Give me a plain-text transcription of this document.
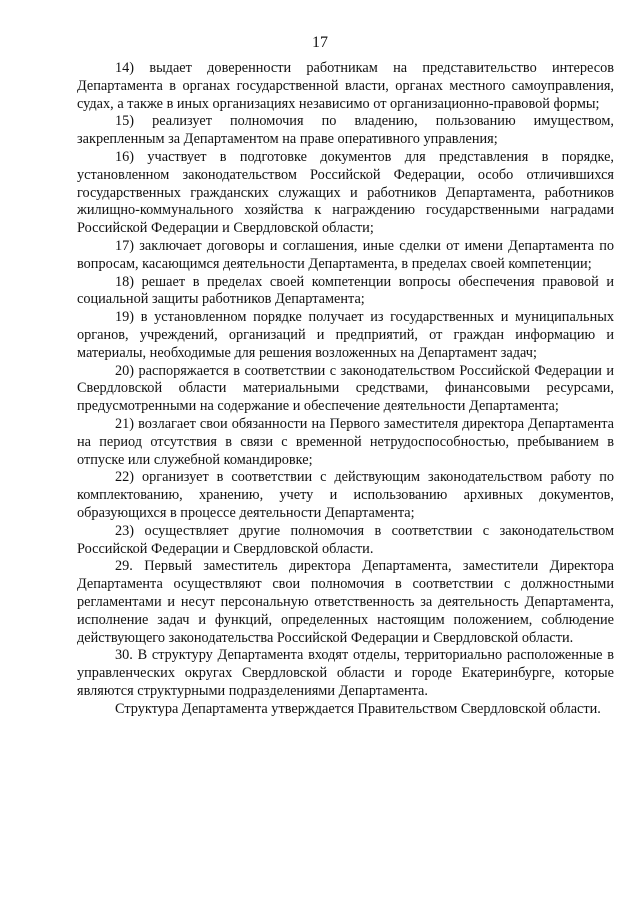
17

14) выдает доверенности работникам на представительство интересов Департамента в органах государственной власти, органах местного самоуправления, судах, а также в иных организациях независимо от организационно-правовой формы;

15) реализует полномочия по владению, пользованию имуществом, закрепленным за Департаментом на праве оперативного управления;

16) участвует в подготовке документов для представления в порядке, установленном законодательством Российской Федерации, особо отличившихся государственных гражданских служащих и работников Департамента, работников жилищно-коммунального хозяйства к награждению государственными наградами Российской Федерации и Свердловской области;

17) заключает договоры и соглашения, иные сделки от имени Департамента по вопросам, касающимся деятельности Департамента, в пределах своей компетенции;

18) решает в пределах своей компетенции вопросы обеспечения правовой и социальной защиты работников Департамента;

19) в установленном порядке получает из государственных и муниципальных органов, учреждений, организаций и предприятий, от граждан информацию и материалы, необходимые для решения возложенных на Департамент задач;

20) распоряжается в соответствии с законодательством Российской Федерации и Свердловской области материальными средствами, финансовыми ресурсами, предусмотренными на содержание и обеспечение деятельности Департамента;

21) возлагает свои обязанности на Первого заместителя директора Департамента на период отсутствия в связи с временной нетрудоспособностью, пребыванием в отпуске или служебной командировке;

22) организует в соответствии с действующим законодательством работу по комплектованию, хранению, учету и использованию архивных документов, образующихся в процессе деятельности Департамента;

23) осуществляет другие полномочия в соответствии с законодательством Российской Федерации и Свердловской области.

29. Первый заместитель директора Департамента, заместители Директора Департамента осуществляют свои полномочия в соответствии с должностными регламентами и несут персональную ответственность за деятельность Департамента, исполнение задач и функций, определенных настоящим положением, соблюдение действующего законодательства Российской Федерации и Свердловской области.

30. В структуру Департамента входят отделы, территориально расположенные в управленческих округах Свердловской области и городе Екатеринбурге, которые являются структурными подразделениями Департамента.

Структура Департамента утверждается Правительством Свердловской области.
